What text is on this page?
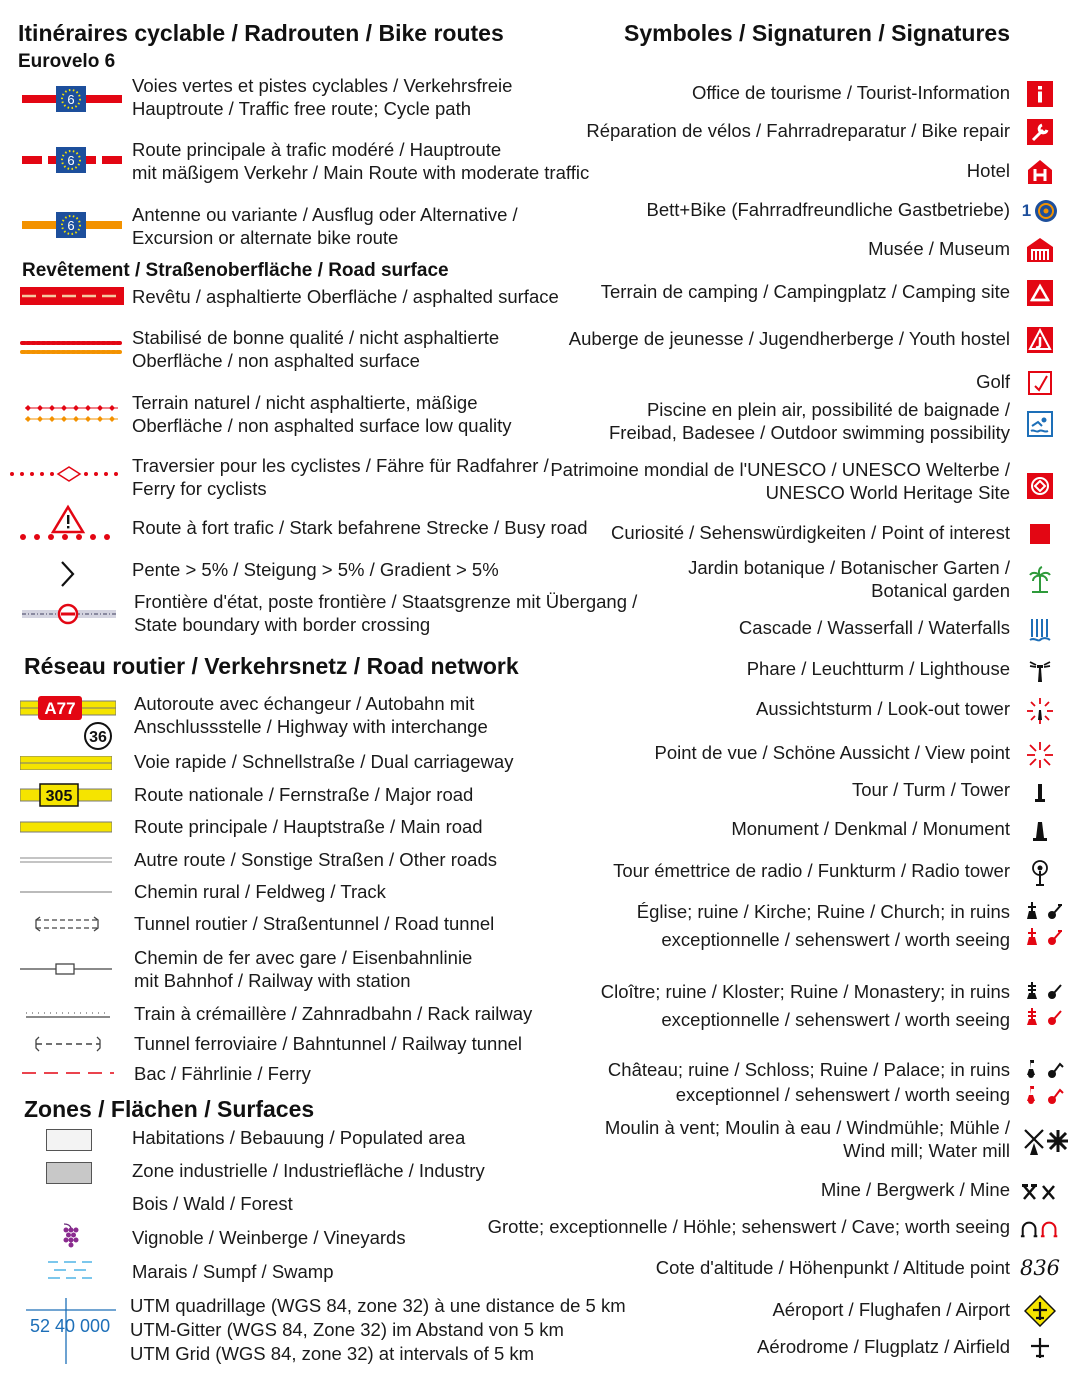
Itinéraires cyclable / Radrouten / Bike routes
Eurovelo 6
6
Voies vertes et pistes cyclables / Verkehrsfreie
Hauptroute / Traffic free route; Cycle path
6
Route principale à trafic modéré / Hauptroute
mit mäßigem Verkehr / Main Route with moderate traffic
6
Antenne ou variante / Ausflug oder Alternative /
Excursion or alternate bike route
Revêtement / Straßenoberfläche / Road surface
Revêtu / asphaltierte Oberfläche / asphalted surface
Stabilisé de bonne qualité / nicht asphaltierte
Oberfläche / non asphalted surface
Terrain naturel / nicht asphaltierte, mäßige
Oberfläche / non asphalted surface low quality
Traversier pour les cyclistes / Fähre für Radfahrer /
Ferry for cyclists
Route à fort trafic / Stark befahrene Strecke / Busy road
Pente > 5% / Steigung > 5% / Gradient > 5%
Frontière d'état, poste frontière / Staatsgrenze mit Übergang /
State boundary with border crossing
Réseau routier / Verkehrsnetz / Road network
A77
36
Autoroute avec échangeur / Autobahn mit
Anschlussstelle / Highway with interchange
Voie rapide / Schnellstraße / Dual carriageway
305	Route nationale / Fernstraße / Major road
Route principale / Hauptstraße / Main road
Autre route / Sonstige Straßen / Other roads
Chemin rural / Feldweg / Track
Tunnel routier / Straßentunnel / Road tunnel
Chemin de fer avec gare / Eisenbahnlinie
mit Bahnhof / Railway with station
Train à crémaillère / Zahnradbahn / Rack railway
Tunnel ferroviaire / Bahntunnel / Railway tunnel
Bac / Fährlinie / Ferry
Zones / Flächen / Surfaces
Habitations / Bebauung / Populated area
Zone industrielle / Industriefläche / Industry
Bois / Wald / Forest
Vignoble / Weinberge / Vineyards
Marais / Sumpf / Swamp
52 40 000
UTM quadrillage (WGS 84, zone 32) à une distance de 5 km
UTM-Gitter (WGS 84, Zone 32) im Abstand von 5 km
UTM Grid (WGS 84, zone 32) at intervals of 5 km
Symboles / Signaturen / Signatures
Office de tourisme / Tourist-Information
Réparation de vélos / Fahrradreparatur / Bike repair
Hotel
Bett+Bike (Fahrradfreundliche Gastbetriebe) 1
Musée / Museum
Terrain de camping / Campingplatz / Camping site
Auberge de jeunesse / Jugendherberge / Youth hostel
Golf
Piscine en plein air, possibilité de baignade /
Freibad, Badesee / Outdoor swimming possibility
Patrimoine mondial de l'UNESCO / UNESCO Welterbe /
UNESCO World Heritage Site
Curiosité / Sehenswürdigkeiten / Point of interest
Jardin botanique / Botanischer Garten /
Botanical garden
Cascade / Wasserfall / Waterfalls
Phare / Leuchtturm / Lighthouse
Aussichtsturm / Look-out tower
Point de vue / Schöne Aussicht / View point
Tour / Turm / Tower
Monument / Denkmal / Monument
Tour émettrice de radio / Funkturm / Radio tower
Église; ruine / Kirche; Ruine / Church; in ruins
exceptionnelle / sehenswert / worth seeing
Cloître; ruine / Kloster; Ruine / Monastery; in ruins
exceptionnelle / sehenswert / worth seeing
Château; ruine / Schloss; Ruine / Palace; in ruins
exceptionnel / sehenswert / worth seeing
Moulin à vent; Moulin à eau / Windmühle; Mühle /
Wind mill; Water mill
Mine / Bergwerk / Mine
Grotte; exceptionnelle / Höhle; sehenswert / Cave; worth seeing
Cote d'altitude / Höhenpunkt / Altitude point 836
Aéroport / Flughafen / Airport
Aérodrome / Flugplatz / Airfield
